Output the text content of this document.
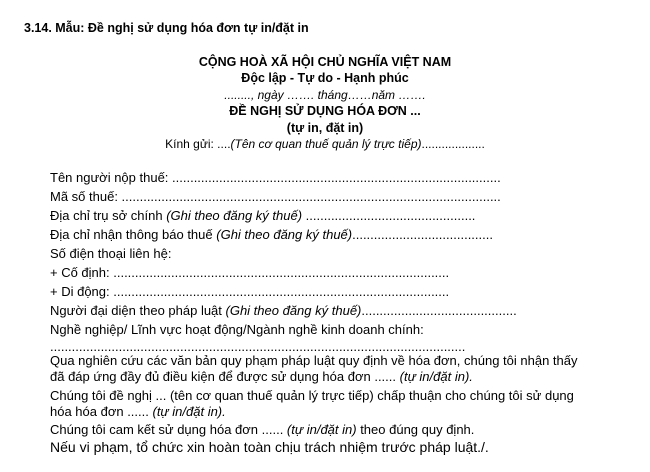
3.14. Mẫu: Đề nghị sử dụng hóa đơn tự in/đặt in
CỘNG HOÀ XÃ HỘI CHỦ NGHĨA VIỆT NAM
Độc lập - Tự do - Hạnh phúc
........, ngày ……. tháng……năm …….
ĐỀ NGHỊ SỬ DỤNG HÓA ĐƠN ...
(tự in, đặt in)
Kính gửi: ....(Tên cơ quan thuế quản lý trực tiếp)...................
Tên người nộp thuế: ...........................................................................................
Mã số thuế: .........................................................................................................
Địa chỉ trụ sở chính (Ghi theo đăng ký thuế) ...............................................
Địa chỉ nhận thông báo thuế (Ghi theo đăng ký thuế).......................................
Số điện thoại liên hệ:
+ Cố định: .............................................................................................
+ Di động: .............................................................................................
Người đại diện theo pháp luật (Ghi theo đăng ký thuế)...........................................
Nghề nghiệp/ Lĩnh vực hoạt động/Ngành nghề kinh doanh chính:
...................................................................................................................
Qua nghiên cứu các văn bản quy phạm pháp luật quy định về hóa đơn, chúng tôi nhận thấy
đã đáp ứng đầy đủ điều kiện để được sử dụng hóa đơn ...... (tự in/đặt in).
Chúng tôi đề nghị ... (tên cơ quan thuế quản lý trực tiếp) chấp thuận cho chúng tôi sử dụng
hóa hóa đơn ...... (tự in/đặt in).
Chúng tôi cam kết sử dụng hóa đơn ...... (tự in/đặt in) theo đúng quy định.
Nếu vi phạm, tổ chức xin hoàn toàn chịu trách nhiệm trước pháp luật./.
